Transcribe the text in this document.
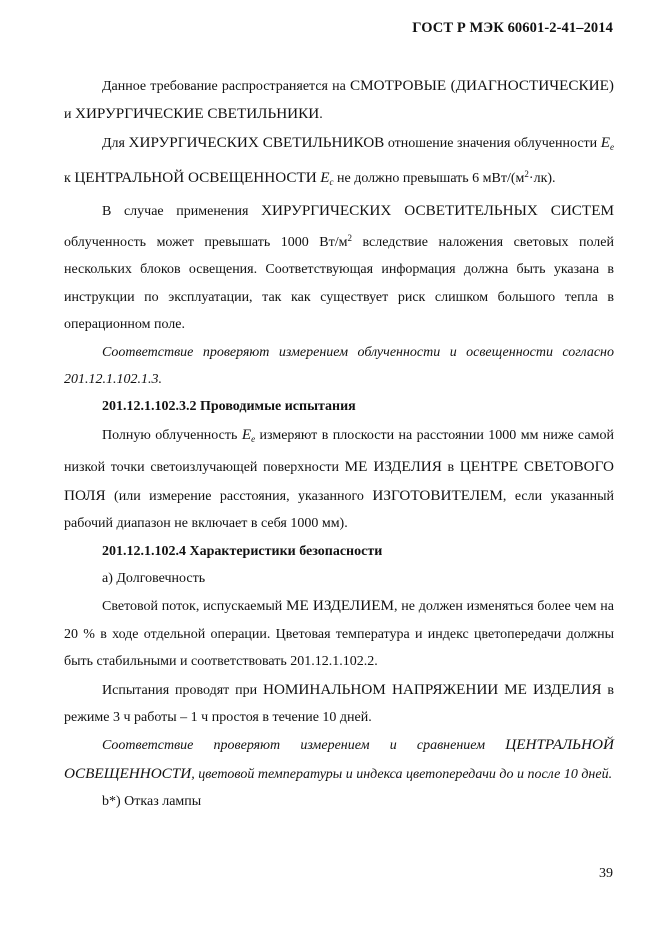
ГОСТ Р МЭК 60601-2-41–2014

Данное требование распространяется на СМОТРОВЫЕ (ДИАГНОСТИЧЕСКИЕ) и ХИРУРГИЧЕСКИЕ СВЕТИЛЬНИКИ.

Для ХИРУРГИЧЕСКИХ СВЕТИЛЬНИКОВ отношение значения облученности $E_e$ к ЦЕНТРАЛЬНОЙ ОСВЕЩЕННОСТИ $E_c$ не должно превышать 6 мВт/$(м^2\cdot лк)$.

В случае применения ХИРУРГИЧЕСКИХ ОСВЕТИТЕЛЬНЫХ СИСТЕМ облученность может превышать 1000 $Вт/м^2$ вследствие наложения световых полей нескольких блоков освещения. Соответствующая информация должна быть указана в инструкции по эксплуатации, так как существует риск слишком большого тепла в операционном поле.

Соответствие проверяют измерением облученности и освещенности согласно 201.12.1.102.1.3.

201.12.1.102.3.2 Проводимые испытания

Полную облученность $E_e$ измеряют в плоскости на расстоянии 1000 мм ниже самой низкой точки светоизлучающей поверхности МЕ ИЗДЕЛИЯ в ЦЕНТРЕ СВЕТОВОГО ПОЛЯ (или измерение расстояния, указанного ИЗГОТОВИТЕЛЕМ, если указанный рабочий диапазон не включает в себя 1000 мм).

201.12.1.102.4 Характеристики безопасности

а) Долговечность

Световой поток, испускаемый МЕ ИЗДЕЛИЕМ, не должен изменяться более чем на 20 % в ходе отдельной операции. Цветовая температура и индекс цветопередачи должны быть стабильными и соответствовать 201.12.1.102.2.

Испытания проводят при НОМИНАЛЬНОМ НАПРЯЖЕНИИ МЕ ИЗДЕЛИЯ в режиме 3 ч работы – 1 ч простоя в течение 10 дней.

Соответствие проверяют измерением и сравнением ЦЕНТРАЛЬНОЙ ОСВЕЩЕННОСТИ, цветовой температуры и индекса цветопередачи до и после 10 дней.

b*) Отказ лампы

39
